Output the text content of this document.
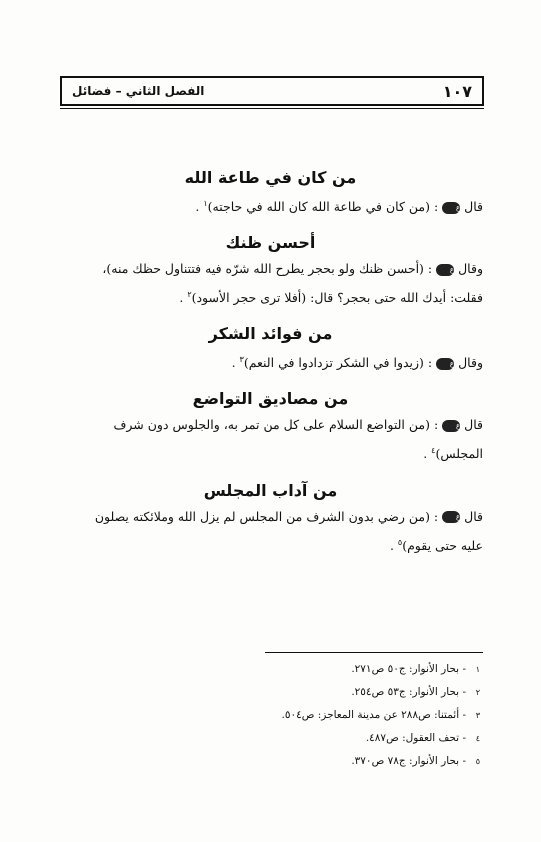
الفصل الثاني – فضائل	١٠٧

من كان في طاعة الله

قال ع : (من كان في طاعة الله كان الله في حاجته)$^١$ .

أحسن ظنك

وقال ع : (أحسن ظنك ولو بحجر يطرح الله شرّه فيه فتتناول حظك منه)،

فقلت: أيدك الله حتى بحجر؟ قال: (أفلا ترى حجر الأسود)$^٢$ .

من فوائد الشكر

وقال ع : (زيدوا في الشكر تزدادوا في النعم)$^٣$ .

من مصاديق التواضع

قال ع : (من التواضع السلام على كل من تمر به، والجلوس دون شرف

المجلس)$^٤$ .

من آداب المجلس

قال ع : (من رضي بدون الشرف من المجلس لم يزل الله وملائكته يصلون

عليه حتى يقوم)$^٥$ .

١
- بحار الأنوار: ج٥٠ ص٢٧١.
٢
- بحار الأنوار: ج٥٣ ص٢٥٤.
٣
- أئمتنا: ص٢٨٨ عن مدينة المعاجز: ص٥٠٤.
٤
- تحف العقول: ص٤٨٧.
٥
- بحار الأنوار: ج٧٨ ص٣٧٠.
